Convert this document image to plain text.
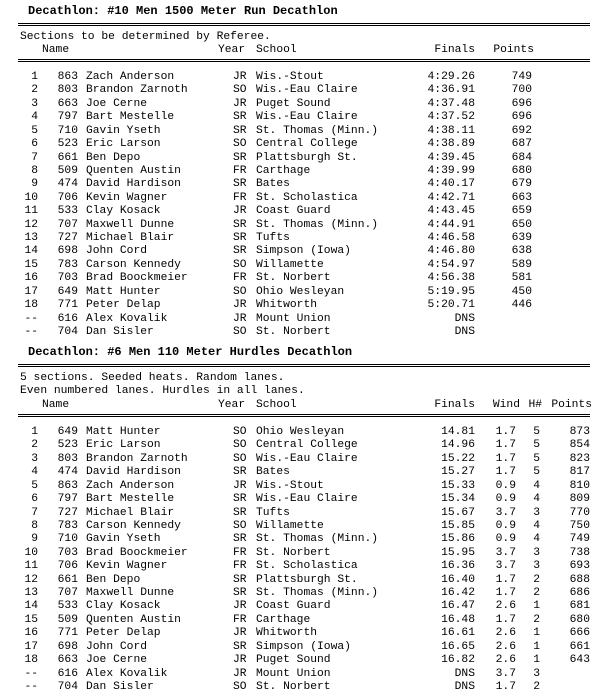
Decathlon: #10 Men 1500 Meter Run Decathlon
Sections to be determined by Referee.
Name	Year School	Finals	Points
1	863 Zach Anderson	JR Wis.-Stout	4:29.26	749
2	803 Brandon Zarnoth	SO Wis.-Eau Claire	4:36.91	700
3	663 Joe Cerne	JR Puget Sound	4:37.48	696
4	797 Bart Mestelle	SR Wis.-Eau Claire	4:37.52	696
5	710 Gavin Yseth	SR St. Thomas (Minn.)	4:38.11	692
6	523 Eric Larson	SO Central College	4:38.89	687
7	661 Ben Depo	SR Plattsburgh St.	4:39.45	684
8	509 Quenten Austin	FR Carthage	4:39.99	680
9	474 David Hardison	SR Bates	4:40.17	679
10	706 Kevin Wagner	FR St. Scholastica	4:42.71	663
11	533 Clay Kosack	JR Coast Guard	4:43.45	659
12	707 Maxwell Dunne	SR St. Thomas (Minn.)	4:44.91	650
13	727 Michael Blair	SR Tufts	4:46.58	639
14	698 John Cord	SR Simpson (Iowa)	4:46.80	638
15	783 Carson Kennedy	SO Willamette	4:54.97	589
16	703 Brad Boockmeier	FR St. Norbert	4:56.38	581
17	649 Matt Hunter	SO Ohio Wesleyan	5:19.95	450
18	771 Peter Delap	JR Whitworth	5:20.71	446
--	616 Alex Kovalik	JR Mount Union	DNS
--	704 Dan Sisler	SO St. Norbert	DNS
Decathlon: #6 Men 110 Meter Hurdles Decathlon
5 sections. Seeded heats. Random lanes.
Even numbered lanes. Hurdles in all lanes.
Name	Year School	Finals	Wind H# Points
1	649 Matt Hunter	SO Ohio Wesleyan	14.81	1.7	5	873
2	523 Eric Larson	SO Central College	14.96	1.7	5	854
3	803 Brandon Zarnoth	SO Wis.-Eau Claire	15.22	1.7	5	823
4	474 David Hardison	SR Bates	15.27	1.7	5	817
5	863 Zach Anderson	JR Wis.-Stout	15.33	0.9	4	810
6	797 Bart Mestelle	SR Wis.-Eau Claire	15.34	0.9	4	809
7	727 Michael Blair	SR Tufts	15.67	3.7	3	770
8	783 Carson Kennedy	SO Willamette	15.85	0.9	4	750
9	710 Gavin Yseth	SR St. Thomas (Minn.)	15.86	0.9	4	749
10	703 Brad Boockmeier	FR St. Norbert	15.95	3.7	3	738
11	706 Kevin Wagner	FR St. Scholastica	16.36	3.7	3	693
12	661 Ben Depo	SR Plattsburgh St.	16.40	1.7	2	688
13	707 Maxwell Dunne	SR St. Thomas (Minn.)	16.42	1.7	2	686
14	533 Clay Kosack	JR Coast Guard	16.47	2.6	1	681
15	509 Quenten Austin	FR Carthage	16.48	1.7	2	680
16	771 Peter Delap	JR Whitworth	16.61	2.6	1	666
17	698 John Cord	SR Simpson (Iowa)	16.65	2.6	1	661
18	663 Joe Cerne	JR Puget Sound	16.82	2.6	1	643
--	616 Alex Kovalik	JR Mount Union	DNS	3.7	3
--	704 Dan Sisler	SO St. Norbert	DNS	1.7	2
